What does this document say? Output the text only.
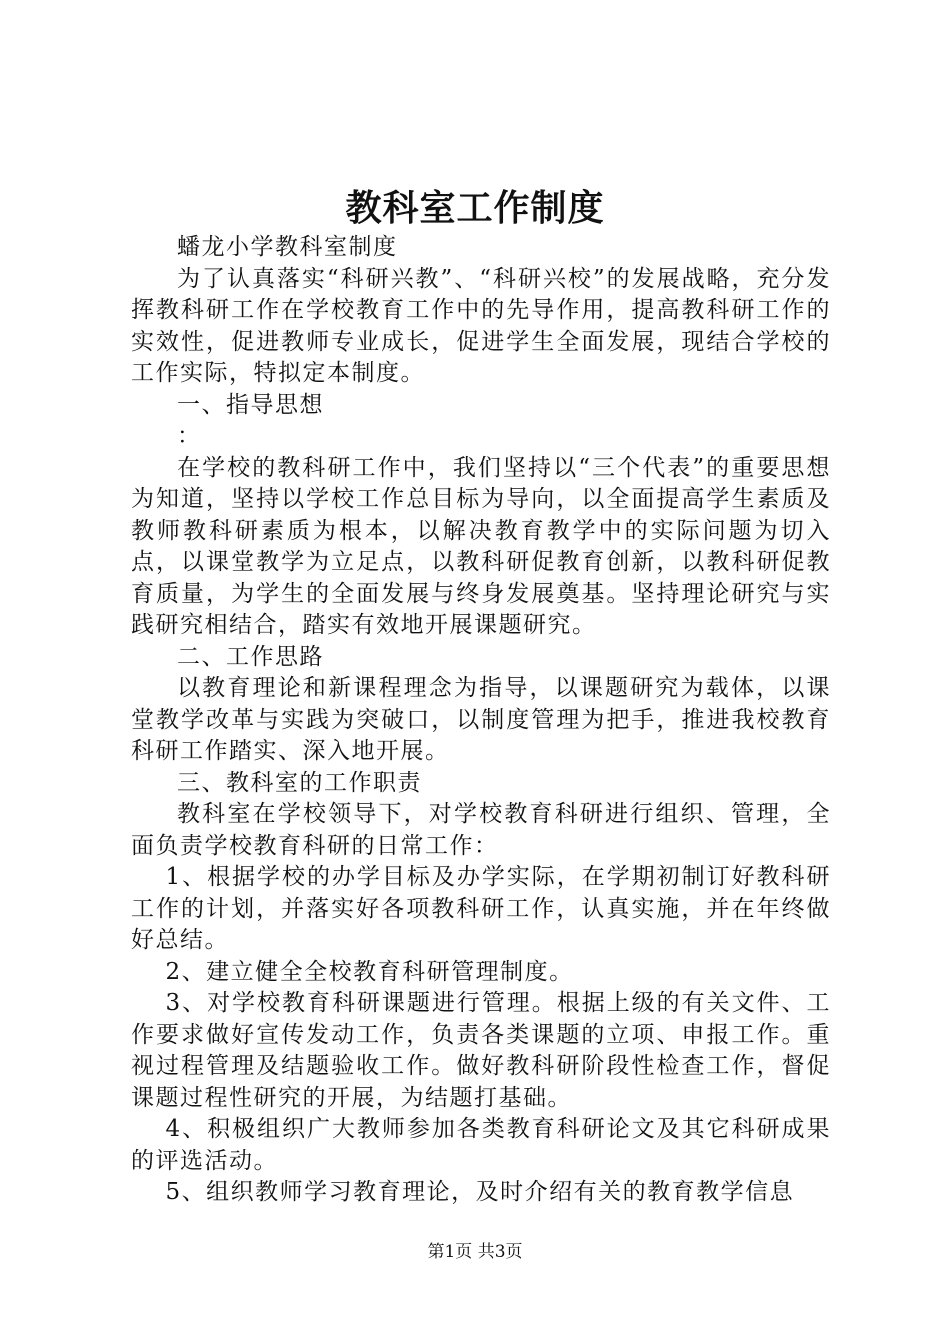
教科室工作制度

蟠龙小学教科室制度

为了认真落实“科研兴教”、“科研兴校”的发展战略，充分发挥教科研工作在学校教育工作中的先导作用，提高教科研工作的实效性，促进教师专业成长，促进学生全面发展，现结合学校的工作实际，特拟定本制度。

一、指导思想

：

在学校的教科研工作中，我们坚持以“三个代表”的重要思想为知道，坚持以学校工作总目标为导向，以全面提高学生素质及教师教科研素质为根本，以解决教育教学中的实际问题为切入点，以课堂教学为立足点，以教科研促教育创新，以教科研促教育质量，为学生的全面发展与终身发展奠基。坚持理论研究与实践研究相结合，踏实有效地开展课题研究。

二、工作思路

以教育理论和新课程理念为指导，以课题研究为载体，以课堂教学改革与实践为突破口，以制度管理为把手，推进我校教育科研工作踏实、深入地开展。

三、教科室的工作职责

教科室在学校领导下，对学校教育科研进行组织、管理，全面负责学校教育科研的日常工作：

1、根据学校的办学目标及办学实际，在学期初制订好教科研工作的计划，并落实好各项教科研工作，认真实施，并在年终做好总结。

2、建立健全全校教育科研管理制度。

3、对学校教育科研课题进行管理。根据上级的有关文件、工作要求做好宣传发动工作，负责各类课题的立项、申报工作。重视过程管理及结题验收工作。做好教科研阶段性检查工作，督促课题过程性研究的开展，为结题打基础。

4、积极组织广大教师参加各类教育科研论文及其它科研成果的评选活动。

5、组织教师学习教育理论，及时介绍有关的教育教学信息

第1页 共3页
